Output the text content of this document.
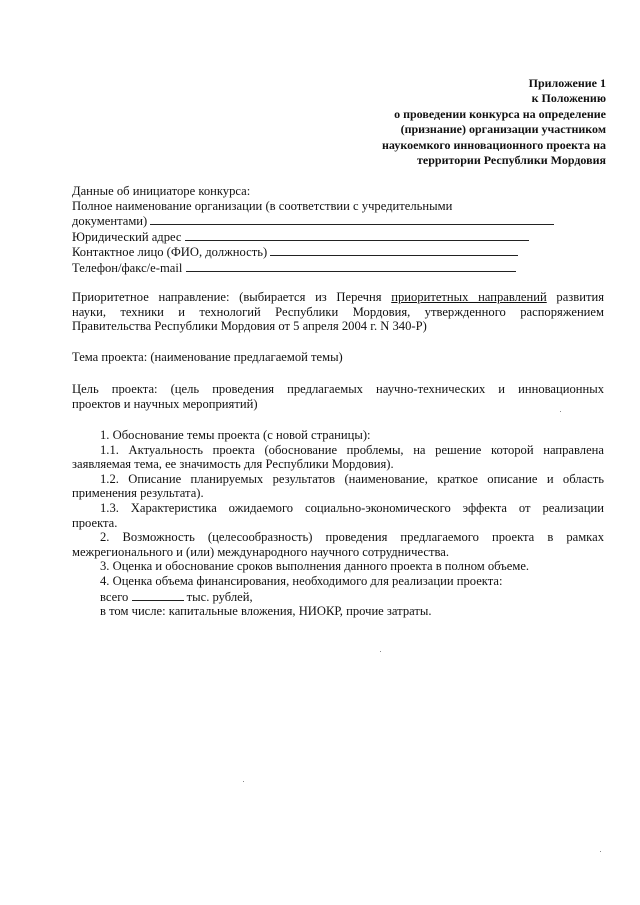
Приложение 1
к Положению
о проведении конкурса на определение
(признание) организации участником
наукоемкого инновационного проекта на
территории Республики Мордовия
Данные об инициаторе конкурса:
Полное наименование организации (в соответствии с учредительными
документами)
Юридический адрес
Контактное лицо (ФИО, должность)
Телефон/факс/e-mail
Приоритетное направление: (выбирается из Перечня приоритетных направлений развития
науки, техники и технологий Республики Мордовия, утвержденного распоряжением
Правительства Республики Мордовия от 5 апреля 2004 г. N 340-Р)
Тема проекта: (наименование предлагаемой темы)
Цель проекта: (цель проведения предлагаемых научно-технических и инновационных
проектов и научных мероприятий)
1. Обоснование темы проекта (с новой страницы):
1.1. Актуальность проекта (обоснование проблемы, на решение которой направлена
заявляемая тема, ее значимость для Республики Мордовия).
1.2. Описание планируемых результатов (наименование, краткое описание и область
применения результата).
1.3. Характеристика ожидаемого социально-экономического эффекта от реализации
проекта.
2. Возможность (целесообразность) проведения предлагаемого проекта в рамках
межрегионального и (или) международного научного сотрудничества.
3. Оценка и обоснование сроков выполнения данного проекта в полном объеме.
4. Оценка объема финансирования, необходимого для реализации проекта:
всего	тыс. рублей,
в том числе: капитальные вложения, НИОКР, прочие затраты.
